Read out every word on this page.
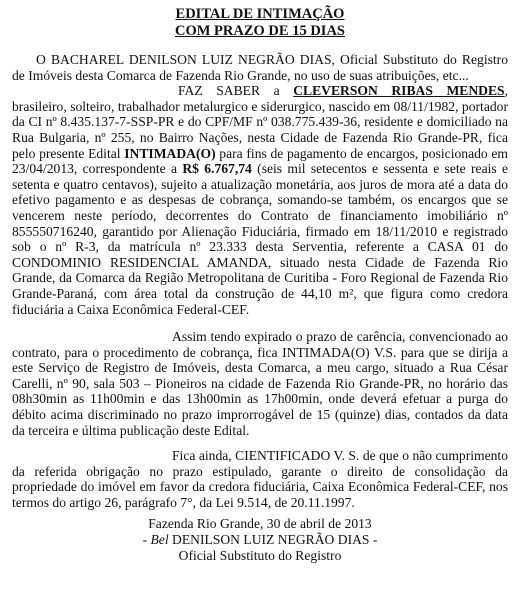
EDITAL DE INTIMAÇÃO
COM PRAZO DE 15 DIAS

O BACHAREL DENILSON LUIZ NEGRÃO DIAS, Oficial Substituto do Registro de Imóveis desta Comarca de Fazenda Rio Grande, no uso de suas atribuições, etc...

FAZ SABER a CLEVERSON RIBAS MENDES, brasileiro, solteiro, trabalhador metalurgico e siderurgico, nascido em 08/11/1982, portador da CI nº 8.435.137-7-SSP-PR e do CPF/MF nº 038.775.439-36, residente e domiciliado na Rua Bulgaria, nº 255, no Bairro Nações, nesta Cidade de Fazenda Rio Grande-PR, fica pelo presente Edital INTIMADA(O) para fins de pagamento de encargos, posicionado em 23/04/2013, correspondente a R$ 6.767,74 (seis mil setecentos e sessenta e sete reais e setenta e quatro centavos), sujeito a atualização monetária, aos juros de mora até a data do efetivo pagamento e as despesas de cobrança, somando-se também, os encargos que se vencerem neste período, decorrentes do Contrato de financiamento imobiliário nº 855550716240, garantido por Alienação Fiduciária, firmado em 18/11/2010 e registrado sob o nº R-3, da matrícula nº 23.333 desta Serventia, referente a CASA 01 do CONDOMINIO RESIDENCIAL AMANDA, situado nesta Cidade de Fazenda Rio Grande, da Comarca da Região Metropolitana de Curitiba - Foro Regional de Fazenda Rio Grande-Paraná, com área total da construção de 44,10 m², que figura como credora fiduciária a Caixa Econômica Federal-CEF.

Assim tendo expirado o prazo de carência, convencionado ao contrato, para o procedimento de cobrança, fica INTIMADA(O) V.S. para que se dirija a este Serviço de Registro de Imóveis, desta Comarca, a meu cargo, situado a Rua César Carelli, nº 90, sala 503 – Pioneiros na cidade de Fazenda Rio Grande-PR, no horário das 08h30min as 11h00min e das 13h00min as 17h00min, onde deverá efetuar a purga do débito acima discriminado no prazo improrrogável de 15 (quinze) dias, contados da data da terceira e última publicação deste Edital.

Fica ainda, CIENTIFICADO V. S. de que o não cumprimento da referida obrigação no prazo estipulado, garante o direito de consolidação da propriedade do imóvel em favor da credora fiduciária, Caixa Econômica Federal-CEF, nos termos do artigo 26, parágrafo 7°, da Lei 9.514, de 20.11.1997.

Fazenda Rio Grande, 30 de abril de 2013
- Bel DENILSON LUIZ NEGRÃO DIAS -
Oficial Substituto do Registro
